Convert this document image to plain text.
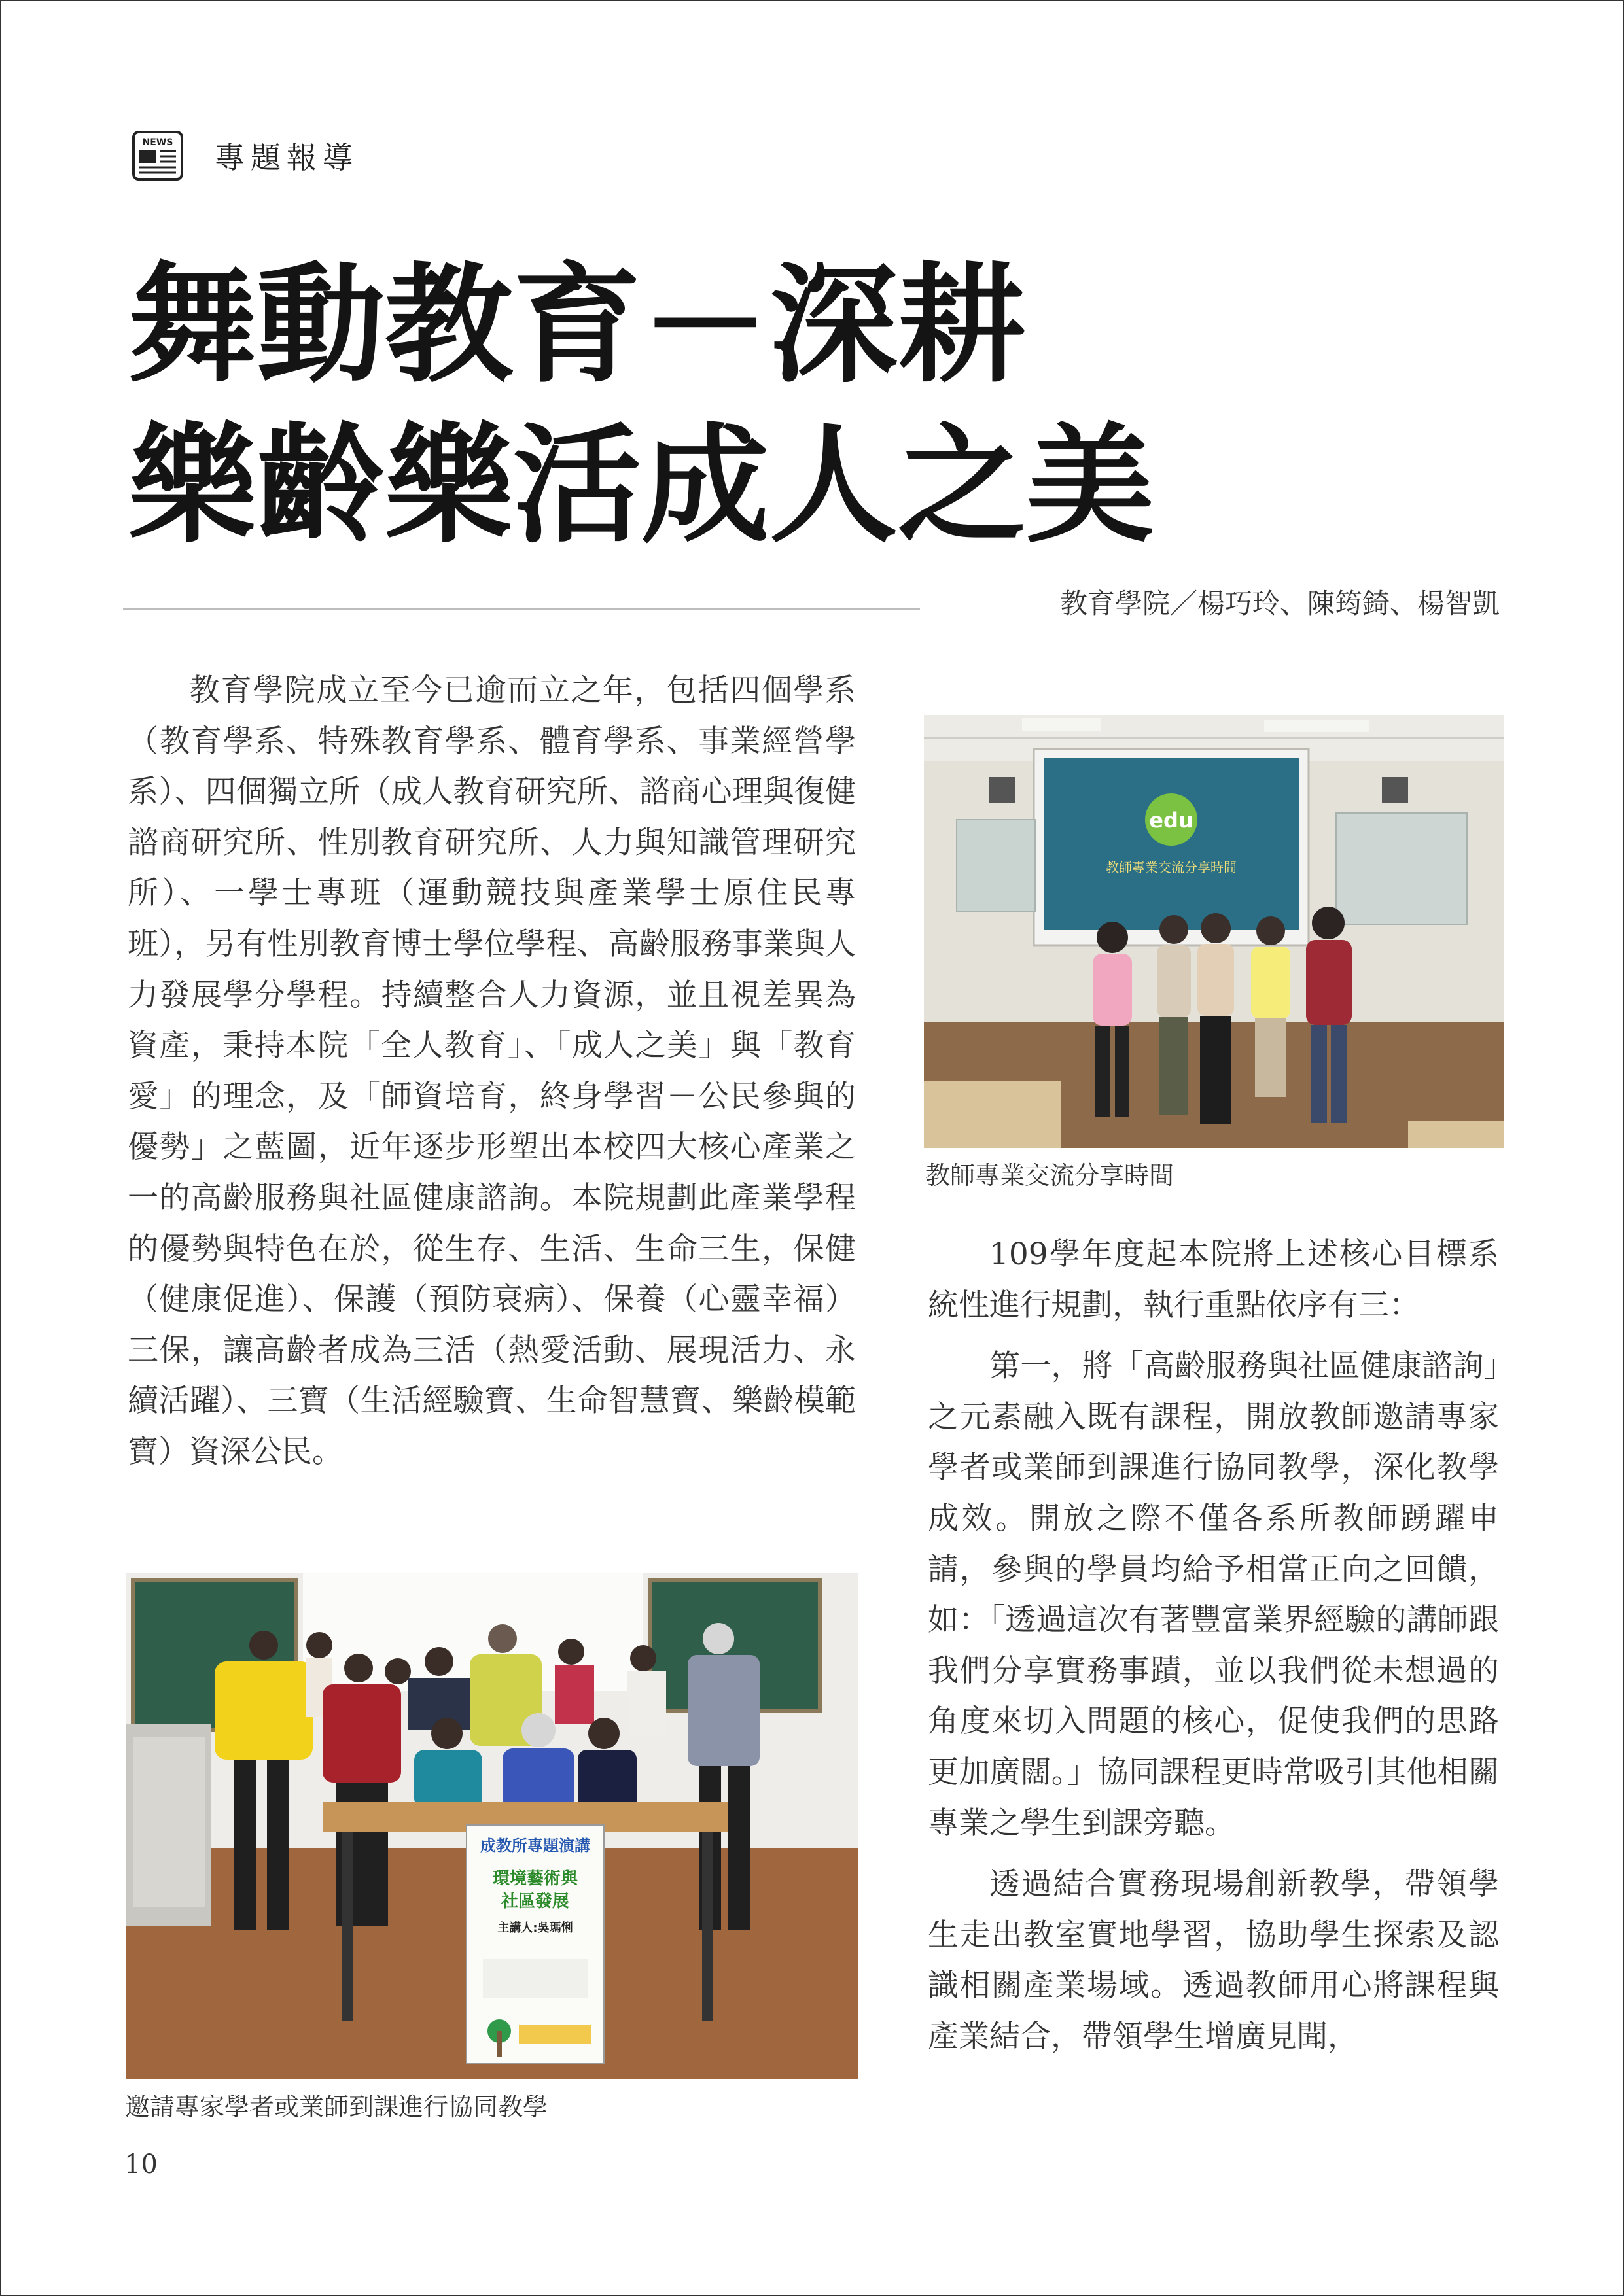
NEWS 專題報導
舞動教育－深耕
樂齡樂活成人之美
教育學院／楊巧玲、陳筠錡、楊智凱

教育學院成立至今已逾而立之年，包括四個學系（教育學系、特殊教育學系、體育學系、事業經營學系）、四個獨立所（成人教育研究所、諮商心理與復健諮商研究所、性別教育研究所、人力與知識管理研究所）、一學士專班（運動競技與產業學士原住民專班），另有性別教育博士學位學程、高齡服務事業與人力發展學分學程。持續整合人力資源，並且視差異為資產，秉持本院「全人教育」、「成人之美」與「教育愛」的理念，及「師資培育，終身學習－公民參與的優勢」之藍圖，近年逐步形塑出本校四大核心產業之一的高齡服務與社區健康諮詢。本院規劃此產業學程的優勢與特色在於，從生存、生活、生命三生，保健（健康促進）、保護（預防衰病）、保養（心靈幸福）三保，讓高齡者成為三活（熱愛活動、展現活力、永續活躍）、三寶（生活經驗寶、生命智慧寶、樂齡模範寶）資深公民。

edu
教師專業交流分享時間
教師專業交流分享時間

109學年度起本院將上述核心目標系統性進行規劃，執行重點依序有三：

第一，將「高齡服務與社區健康諮詢」之元素融入既有課程，開放教師邀請專家學者或業師到課進行協同教學，深化教學成效。開放之際不僅各系所教師踴躍申請，參與的學員均給予相當正向之回饋，如：「透過這次有著豐富業界經驗的講師跟我們分享實務事蹟，並以我們從未想過的角度來切入問題的核心，促使我們的思路更加廣闊。」協同課程更時常吸引其他相關專業之學生到課旁聽。

透過結合實務現場創新教學，帶領學生走出教室實地學習，協助學生探索及認識相關產業場域。透過教師用心將課程與產業結合，帶領學生增廣見聞，

成教所專題演講
環境藝術與
社區發展
主講人:吳瑪悧
邀請專家學者或業師到課進行協同教學
10
